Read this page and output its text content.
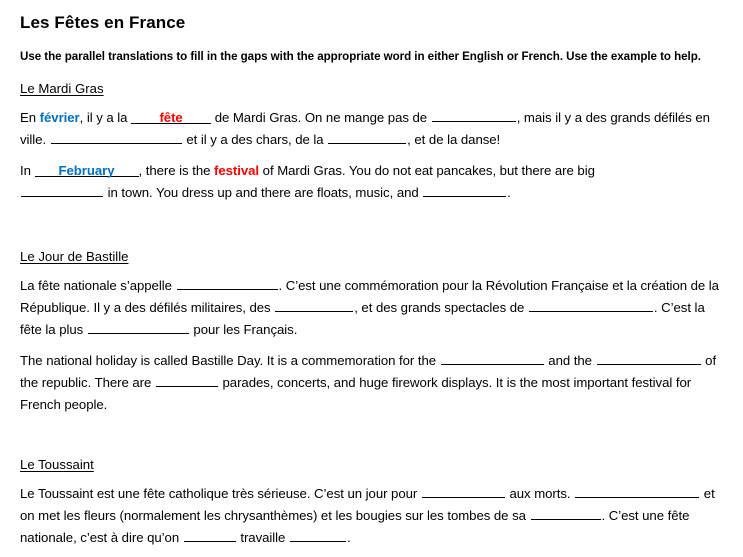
Les Fêtes en France

Use the parallel translations to fill in the gaps with the appropriate word in either English or French. Use the example to help.

Le Mardi Gras

En février, il y a la fête de Mardi Gras. On ne mange pas de	, mais il y a des grands défilés en ville.	et il y a des chars, de la	, et de la danse!

In February , there is the festival of Mardi Gras. You do not eat pancakes, but there are big  in town. You dress up and there are floats, music, and	.

Le Jour de Bastille

La fête nationale s’appelle	. C’est une commémoration pour la Révolution Française et la création de la République. Il y a des défilés militaires, des	, et des grands spectacles de	. C’est la fête la plus	pour les Français.

The national holiday is called Bastille Day. It is a commemoration for the	and the	of the republic. There are	parades, concerts, and huge firework displays. It is the most important festival for French people.

Le Toussaint

Le Toussaint est une fête catholique très sérieuse. C’est un jour pour	aux morts.	et on met les fleurs (normalement les chrysanthèmes) et les bougies sur les tombes de sa	. C’est une fête nationale, c’est à dire qu’on	travaille	.
